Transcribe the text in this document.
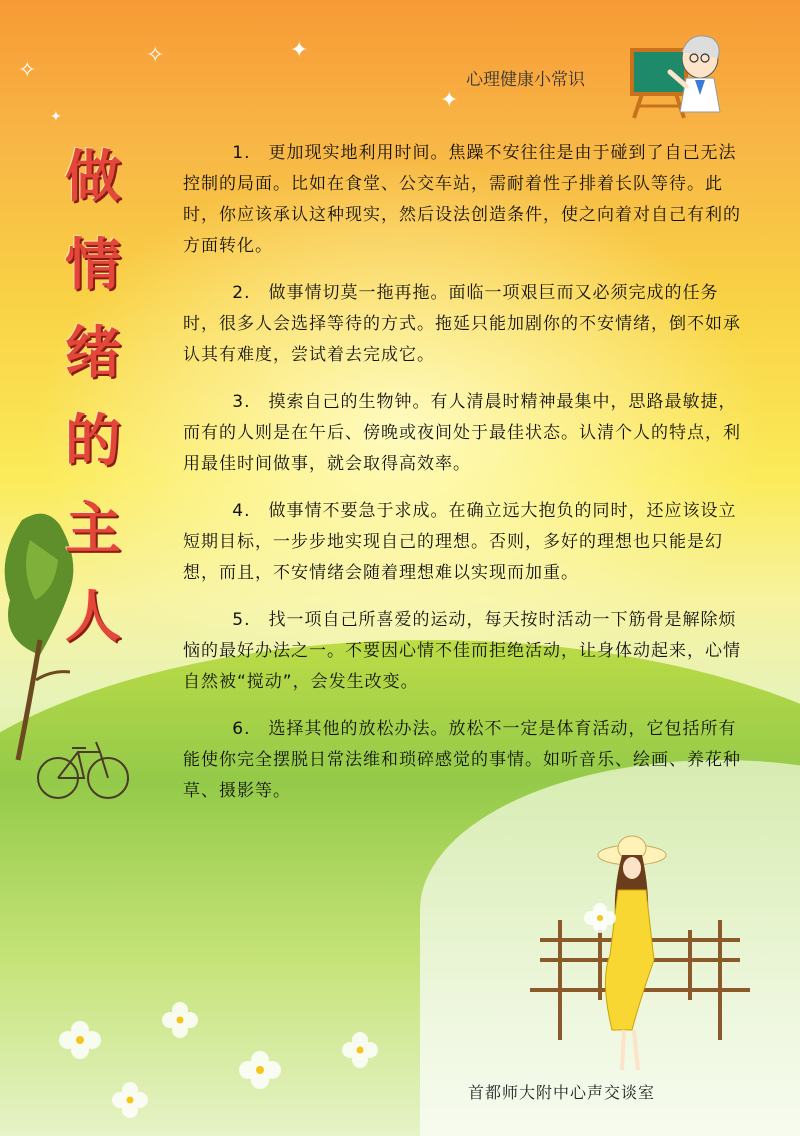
✦
✧
✧
✦
✦
心理健康小常识
做
情
绪
的
主
人

1.　更加现实地利用时间。焦躁不安往往是由于碰到了自己无法控制的局面。比如在食堂、公交车站，需耐着性子排着长队等待。此时，你应该承认这种现实，然后设法创造条件，使之向着对自己有利的方面转化。

2.　做事情切莫一拖再拖。面临一项艰巨而又必须完成的任务时，很多人会选择等待的方式。拖延只能加剧你的不安情绪，倒不如承认其有难度，尝试着去完成它。

3.　摸索自己的生物钟。有人清晨时精神最集中，思路最敏捷，而有的人则是在午后、傍晚或夜间处于最佳状态。认清个人的特点，利用最佳时间做事，就会取得高效率。

4.　做事情不要急于求成。在确立远大抱负的同时，还应该设立短期目标，一步步地实现自己的理想。否则，多好的理想也只能是幻想，而且，不安情绪会随着理想难以实现而加重。

5.　找一项自己所喜爱的运动，每天按时活动一下筋骨是解除烦恼的最好办法之一。不要因心情不佳而拒绝活动，让身体动起来，心情自然被“搅动”，会发生改变。

6.　选择其他的放松办法。放松不一定是体育活动，它包括所有能使你完全摆脱日常法维和琐碎感觉的事情。如听音乐、绘画、养花种草、摄影等。

首都师大附中心声交谈室
